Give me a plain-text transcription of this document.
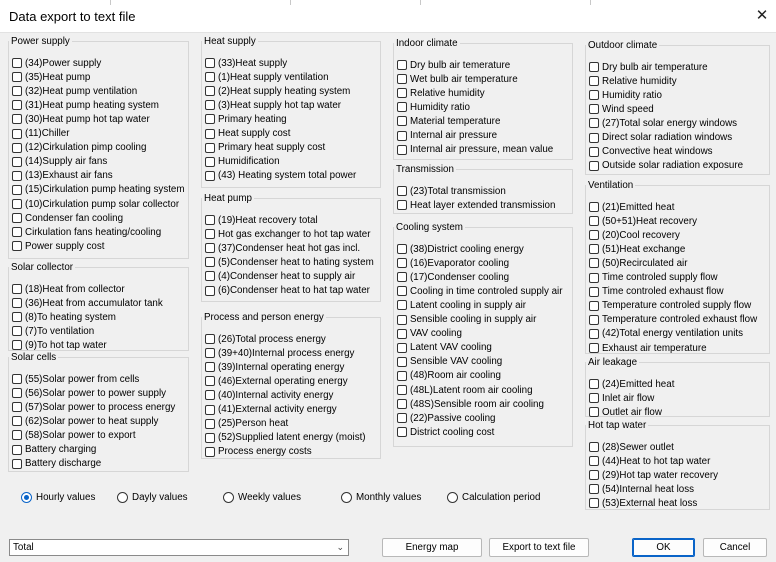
Data export to text file	✕
Power supply
(34)Power supply
(35)Heat pump
(32)Heat pump ventilation
(31)Heat pump heating system
(30)Heat pump hot tap water
(11)Chiller
(12)Cirkulation pimp cooling
(14)Supply air fans
(13)Exhaust air fans
(15)Cirkulation pump heating system
(10)Cirkulation pump solar collector
Condenser fan cooling
Cirkulation fans heating/cooling
Power supply cost
Solar collector
(18)Heat from collector
(36)Heat from accumulator tank
(8)To heating system
(7)To ventilation
(9)To hot tap water
Solar cells
(55)Solar power from cells
(56)Solar power to power supply
(57)Solar power to process energy
(62)Solar power to heat supply
(58)Solar power to export
Battery charging
Battery discharge
Heat supply
(33)Heat supply
(1)Heat supply ventilation
(2)Heat supply heating system
(3)Heat supply hot tap water
Primary heating
Heat supply cost
Primary heat supply cost
Humidification
(43) Heating system total power
Heat pump
(19)Heat recovery total
Hot gas exchanger to hot tap water
(37)Condenser heat hot gas incl.
(5)Condenser heat to hating system
(4)Condenser heat to supply air
(6)Condenser heat to hat tap water
Process and person energy
(26)Total process energy
(39+40)Internal process energy
(39)Internal operating energy
(46)External operating energy
(40)Internal activity energy
(41)External activity energy
(25)Person heat
(52)Supplied latent energy (moist)
Process energy costs
Indoor climate
Dry bulb air temerature
Wet bulb air temperature
Relative humidity
Humidity ratio
Material temperature
Internal air pressure
Internal air pressure, mean value
Transmission
(23)Total transmission
Heat layer extended transmission
Cooling system
(38)District cooling energy
(16)Evaporator cooling
(17)Condenser cooling
Cooling in time controled supply air
Latent cooling in supply air
Sensible cooling in supply air
VAV cooling
Latent VAV cooling
Sensible VAV cooling
(48)Room air cooling
(48L)Latent room air cooling
(48S)Sensible room air cooling
(22)Passive cooling
District cooling cost
Outdoor climate
Dry bulb air temperature
Relative humidity
Humidity ratio
Wind speed
(27)Total solar energy windows
Direct solar radiation windows
Convective heat windows
Outside solar radiation exposure
Ventilation
(21)Emitted heat
(50+51)Heat recovery
(20)Cool recovery
(51)Heat exchange
(50)Recirculated air
Time controled supply flow
Time controled exhaust flow
Temperature controled supply flow
Temperature controled exhaust flow
(42)Total energy ventilation units
Exhaust air temperature
Air leakage
(24)Emitted heat
Inlet air flow
Outlet air flow
Hot tap water
(28)Sewer outlet
(44)Heat to hot tap water
(29)Hot tap water recovery
(54)Internal heat loss
(53)External heat loss
Hourly values	Dayly values	Weekly values	Monthly values	Calculation period
Total	⌄	Energy map	Export to text file	OK	Cancel
